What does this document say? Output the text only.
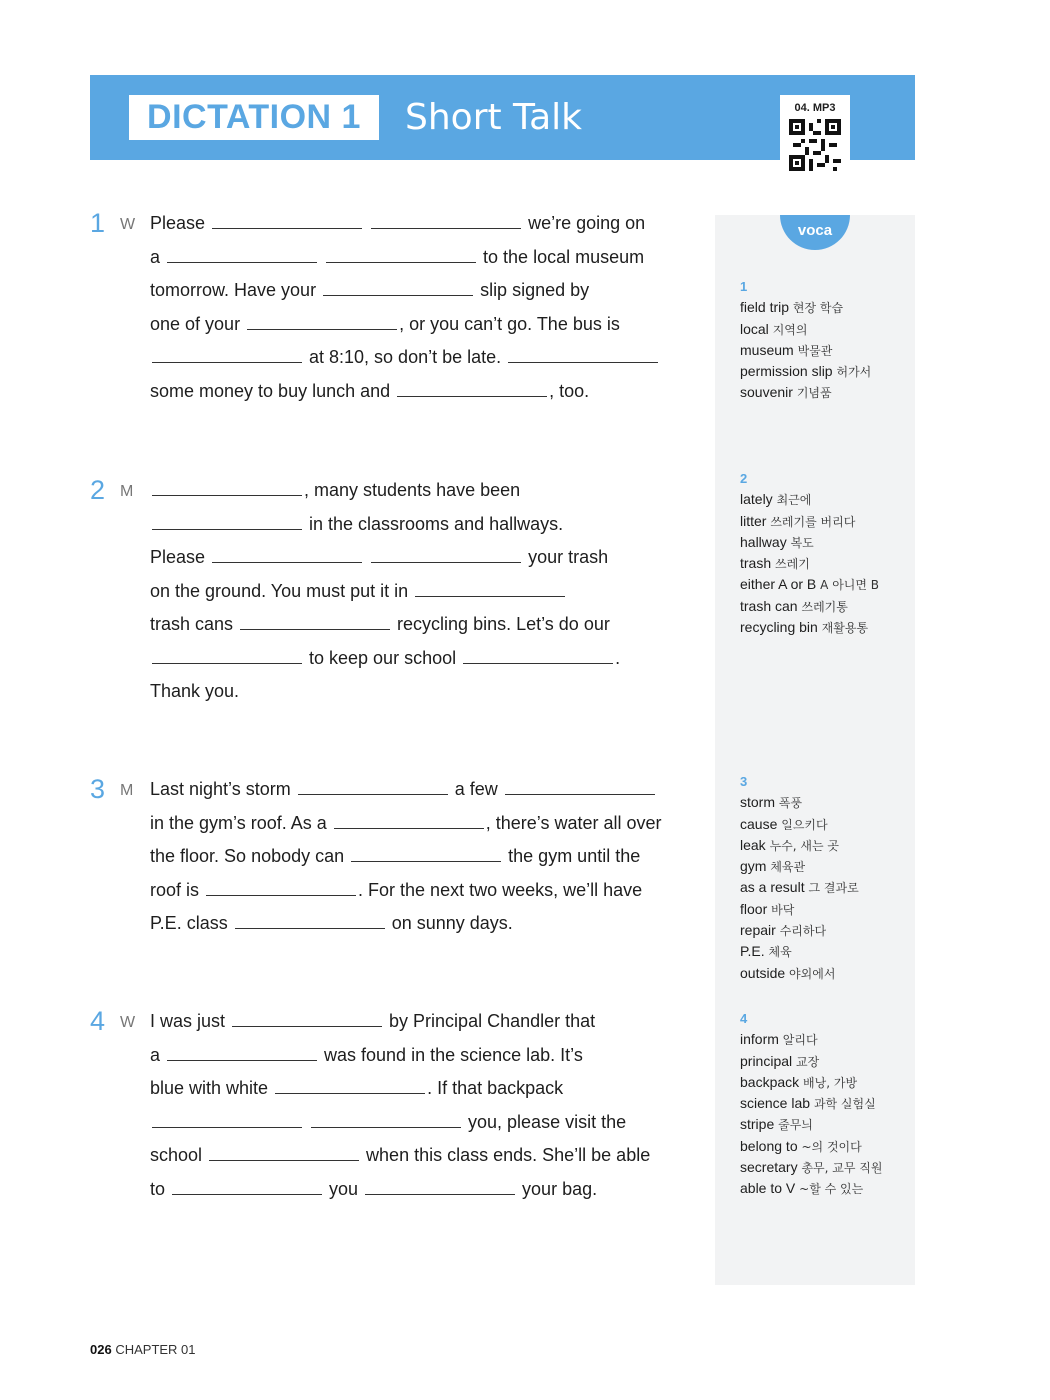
DICTATION 1	Short Talk	04. MP3
1 W Please	we’re going on
a	to the local museum
tomorrow. Have your	slip signed by
one of your	, or you can’t go. The bus is
at 8:10, so don’t be late.
some money to buy lunch and	, too.
2 M	, many students have been
in the classrooms and hallways.
Please	your trash
on the ground. You must put it in
trash cans	recycling bins. Let’s do our
to keep our school	.
Thank you.
3 M Last night’s storm	a few
in the gym’s roof. As a	, there’s water all over
the floor. So nobody can	the gym until the
roof is	. For the next two weeks, we’ll have
P.E. class	on sunny days.
4 W I was just	by Principal Chandler that
a	was found in the science lab. It’s
blue with white	. If that backpack
you, please visit the
school	when this class ends. She’ll be able
to	you	your bag.
voca
1
field trip 현장 학습
local 지역의
museum 박물관
permission slip 허가서
souvenir 기념품
2
lately 최근에
litter 쓰레기를 버리다
hallway 복도
trash 쓰레기
either A or B A 아니면 B
trash can 쓰레기통
recycling bin 재활용통
3
storm 폭풍
cause 일으키다
leak 누수, 새는 곳
gym 체육관
as a result 그 결과로
floor 바닥
repair 수리하다
P.E. 체육
outside 야외에서
4
inform 알리다
principal 교장
backpack 배낭, 가방
science lab 과학 실험실
stripe 줄무늬
belong to ~의 것이다
secretary 총무, 교무 직원
able to V ~할 수 있는
026 CHAPTER 01
